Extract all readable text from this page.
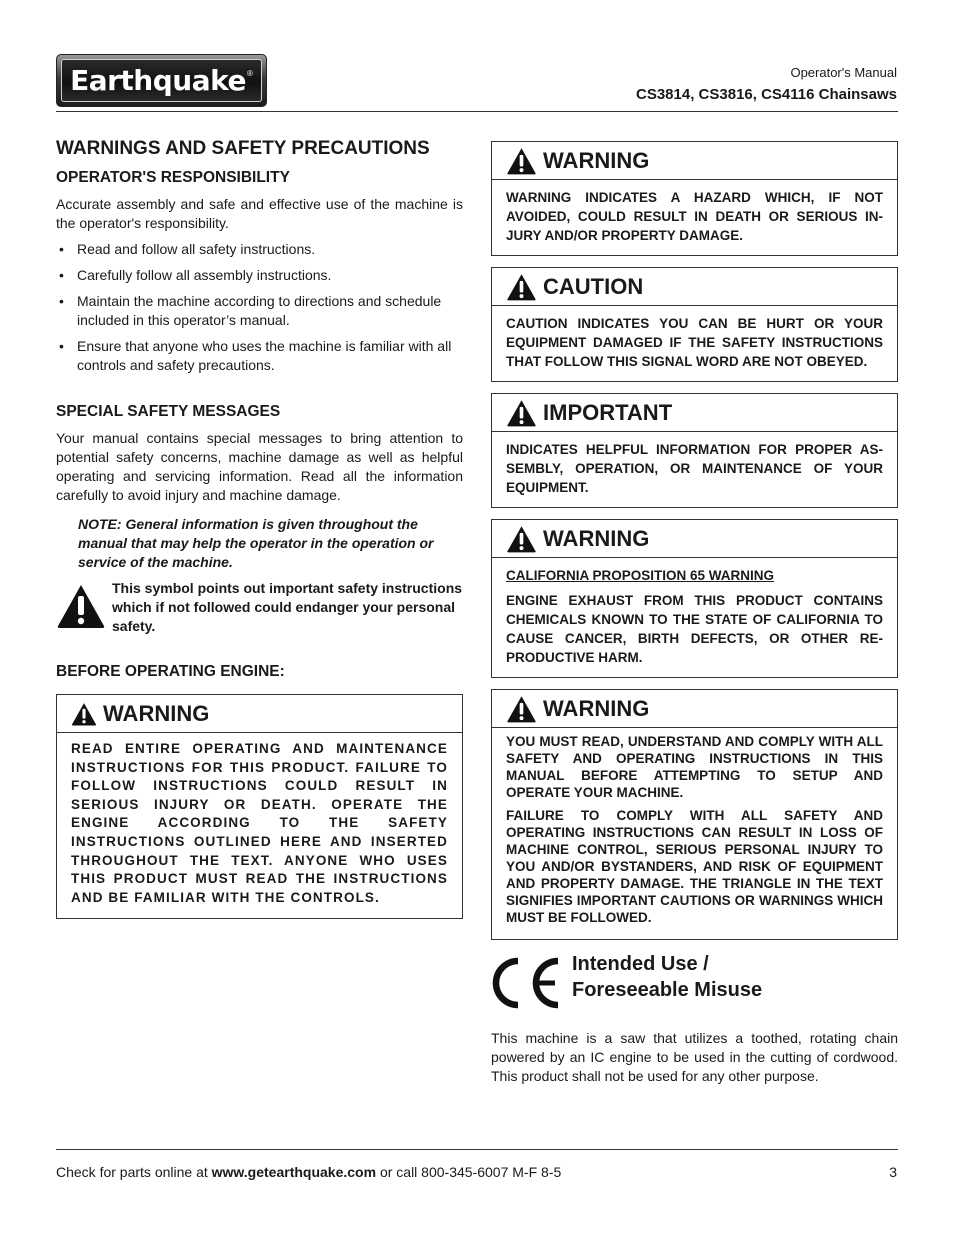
Earthquake ®	Operator's Manual
CS3814, CS3816, CS4116 Chainsaws
WARNINGS AND SAFETY PRECAUTIONS
OPERATOR'S RESPONSIBILITY

Accurate assembly and safe and effective use of the machine is the operator's responsibility.

• Read and follow all safety instructions.
• Carefully follow all assembly instructions.
• Maintain the machine according to directions and schedule included in this operator’s manual.
• Ensure that anyone who uses the machine is familiar with all controls and safety precautions.
SPECIAL SAFETY MESSAGES

Your manual contains special messages to bring attention to potential safety concerns, machine damage as well as helpful operating and servicing information. Read all the information carefully to avoid injury and machine damage.

NOTE: General information is given throughout the manual that may help the operator in the operation or service of the machine.

This symbol points out important safety instructions which if not followed could endanger your personal safety.

BEFORE OPERATING ENGINE:
WARNING
READ ENTIRE OPERATING AND MAINTENANCE INSTRUCTIONS FOR THIS PRODUCT. FAILURE TO FOLLOW INSTRUCTIONS COULD RESULT IN SERIOUS INJURY OR DEATH. OPERATE THE ENGINE ACCORDING TO THE SAFETY INSTRUCTIONS OUTLINED HERE AND INSERTED THROUGHOUT THE TEXT. ANYONE WHO USES THIS PRODUCT MUST READ THE INSTRUCTIONS AND BE FAMILIAR WITH THE CONTROLS.
WARNING
WARNING INDICATES A HAZARD WHICH, IF NOT AVOIDED, COULD RESULT IN DEATH OR SERIOUS INJURY AND/OR PROPERTY DAMAGE.
CAUTION
CAUTION INDICATES YOU CAN BE HURT OR YOUR EQUIPMENT DAMAGED IF THE SAFETY INSTRUCTIONS THAT FOLLOW THIS SIGNAL WORD ARE NOT OBEYED.
IMPORTANT
INDICATES HELPFUL INFORMATION FOR PROPER ASSEMBLY, OPERATION, OR MAINTENANCE OF YOUR EQUIPMENT.
WARNING

CALIFORNIA PROPOSITION 65 WARNING

ENGINE EXHAUST FROM THIS PRODUCT CONTAINS CHEMICALS KNOWN TO THE STATE OF CALIFORNIA TO CAUSE CANCER, BIRTH DEFECTS, OR OTHER REPRODUCTIVE HARM.

WARNING

YOU MUST READ, UNDERSTAND AND COMPLY WITH ALL SAFETY AND OPERATING INSTRUCTIONS IN THIS MANUAL BEFORE ATTEMPTING TO SETUP AND OPERATE YOUR MACHINE.

FAILURE TO COMPLY WITH ALL SAFETY AND OPERATING INSTRUCTIONS CAN RESULT IN LOSS OF MACHINE CONTROL, SERIOUS PERSONAL INJURY TO YOU AND/OR BYSTANDERS, AND RISK OF EQUIPMENT AND PROPERTY DAMAGE. THE TRIANGLE IN THE TEXT SIGNIFIES IMPORTANT CAUTIONS OR WARNINGS WHICH MUST BE FOLLOWED.

Intended Use /
Foreseeable Misuse

This machine is a saw that utilizes a toothed, rotating chain powered by an IC engine to be used in the cutting of cordwood. This product shall not be used for any other purpose.

Check for parts online at www.getearthquake.com or call 800-345-6007 M-F 8-5	3
